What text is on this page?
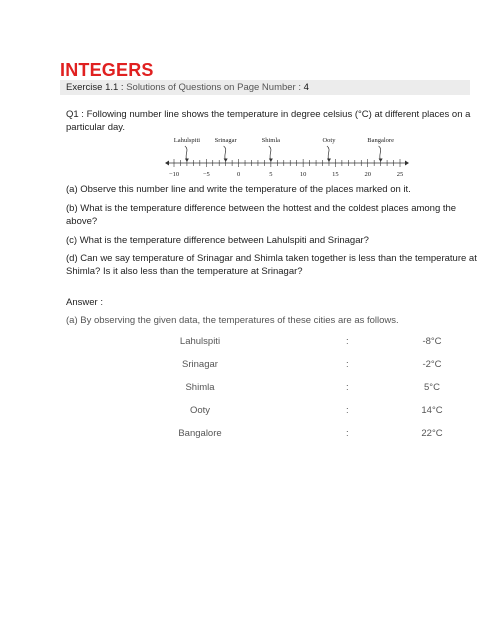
INTEGERS
Exercise 1.1 : Solutions of Questions on Page Number : 4
Q1 : Following number line shows the temperature in degree celsius (°C) at different places on a particular day.
−10	−5	0	5	10	15	20	25
Lahulspiti Srinagar	Shimla	Ooty	Bangalore
(a) Observe this number line and write the temperature of the places marked on it.
(b) What is the temperature difference between the hottest and the coldest places among the above?
(c) What is the temperature difference between Lahulspiti and Srinagar?
(d) Can we say temperature of Srinagar and Shimla taken together is less than the temperature at Shimla? Is it also less than the temperature at Srinagar?
Answer :
(a) By observing the given data, the temperatures of these cities are as follows.
Lahulspiti	:	-8°C
Srinagar	:	-2°C
Shimla	:	5°C
Ooty	:	14°C
Bangalore	:	22°C
